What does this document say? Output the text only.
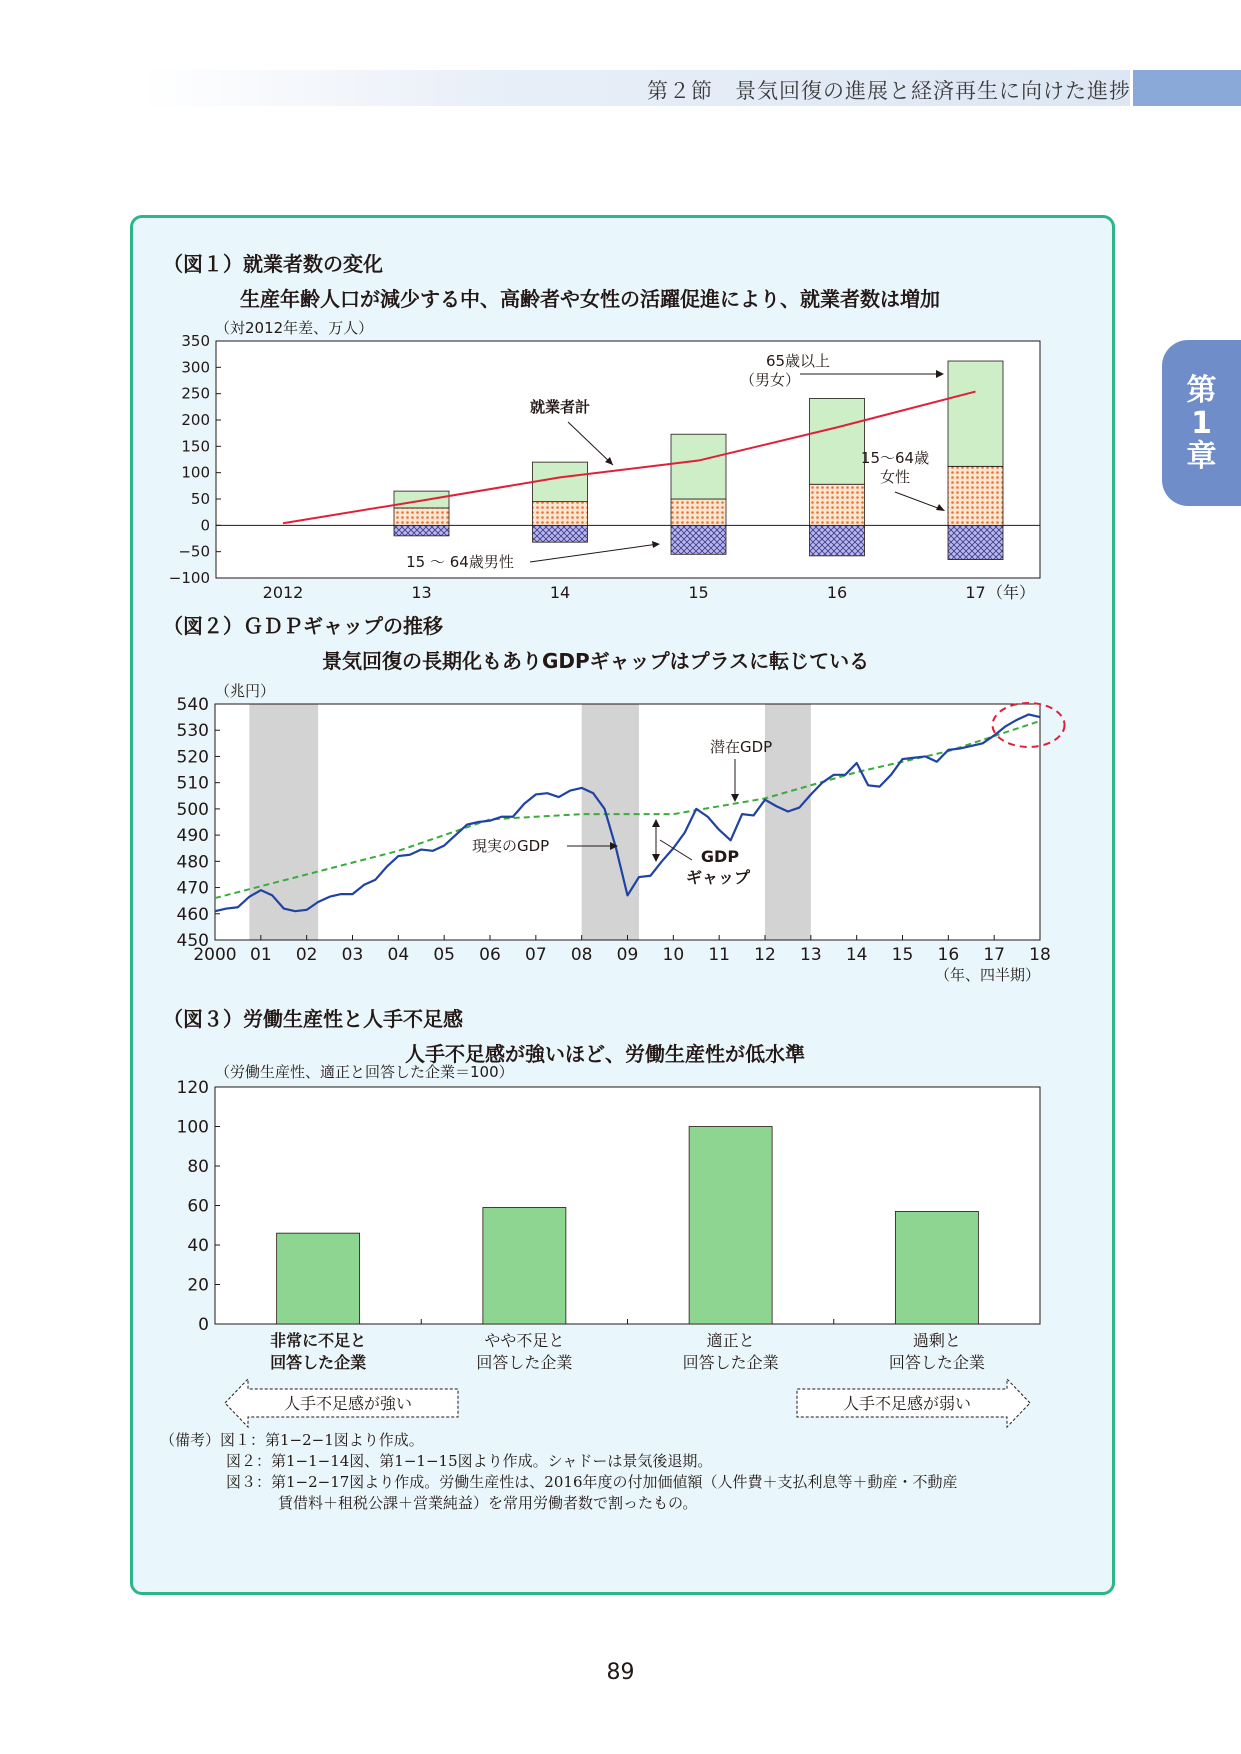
第２節　景気回復の進展と経済再生に向けた進捗
第
1
章
（図１）就業者数の変化
生産年齢人口が減少する中、高齢者や女性の活躍促進により、就業者数は増加
（対2012年差、万人）
350
300
250
200
150
100
50
0
−50
−100
2012	13	14	15	16	17 （年）
就業者計
65歳以上
（男女）
15～64歳
女性
15 ～ 64歳男性
（図２）ＧＤＰギャップの推移
景気回復の長期化もありGDPギャップはプラスに転じている
（兆円）
540
530
520
510
500
490
480
470
460
450
2000 01 02 03 04 05 06 07 08 09 10 11 12 13 14 15 16 17 18
（年、四半期）
潜在GDP
現実のGDP
GDP
ギャップ
（図３）労働生産性と人手不足感
人手不足感が強いほど、労働生産性が低水準
（労働生産性、適正と回答した企業＝100）
120
100
80
60
40
20
0
非常に不足と
回答した企業
やや不足と
回答した企業
適正と
回答した企業
過剰と
回答した企業
人手不足感が強い	人手不足感が弱い
（備考）図１：第1−2−1図より作成。
図２：第1−1−14図、第1−1−15図より作成。シャドーは景気後退期。
図３：第1−2−17図より作成。労働生産性は、2016年度の付加価値額（人件費＋支払利息等＋動産・不動産
賃借料＋租税公課＋営業純益）を常用労働者数で割ったもの。
89
